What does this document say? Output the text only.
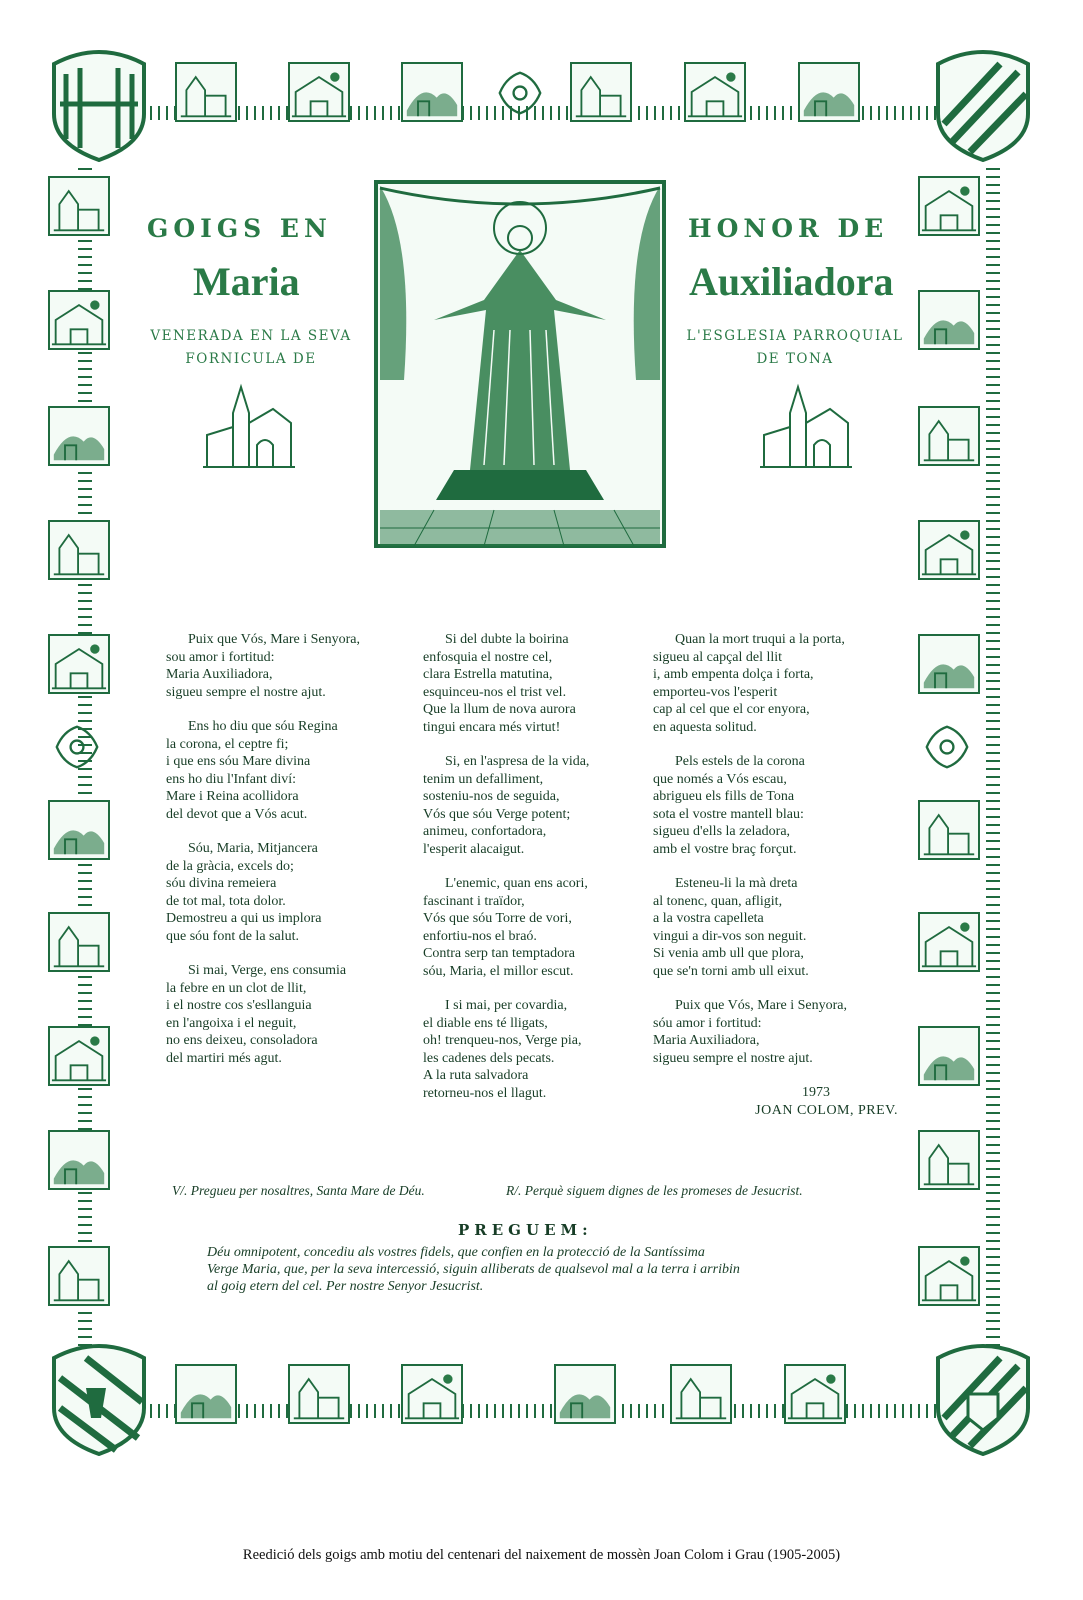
GOIGS EN
Maria
VENERADA EN LA SEVA
FORNICULA DE
HONOR DE
Auxiliadora
L'ESGLESIA PARROQUIAL
DE TONA
Puix que Vós, Mare i Senyora,
sou amor i fortitud:
Maria Auxiliadora,
sigueu sempre el nostre ajut.
Ens ho diu que sóu Regina
la corona, el ceptre fi;
i que ens sóu Mare divina
ens ho diu l'Infant diví:
Mare i Reina acollidora
del devot que a Vós acut.
Sóu, Maria, Mitjancera
de la gràcia, excels do;
sóu divina remeiera
de tot mal, tota dolor.
Demostreu a qui us implora
que sóu font de la salut.
Si mai, Verge, ens consumia
la febre en un clot de llit,
i el nostre cos s'esllanguia
en l'angoixa i el neguit,
no ens deixeu, consoladora
del martiri més agut.
Si del dubte la boirina
enfosquia el nostre cel,
clara Estrella matutina,
esquinceu-nos el trist vel.
Que la llum de nova aurora
tingui encara més virtut!
Si, en l'aspresa de la vida,
tenim un defalliment,
sosteniu-nos de seguida,
Vós que sóu Verge potent;
animeu, confortadora,
l'esperit alacaigut.
L'enemic, quan ens acori,
fascinant i traïdor,
Vós que sóu Torre de vori,
enfortiu-nos el braó.
Contra serp tan temptadora
sóu, Maria, el millor escut.
I si mai, per covardia,
el diable ens té lligats,
oh! trenqueu-nos, Verge pia,
les cadenes dels pecats.
A la ruta salvadora
retorneu-nos el llagut.
Quan la mort truqui a la porta,
sigueu al capçal del llit
i, amb empenta dolça i forta,
emporteu-vos l'esperit
cap al cel que el cor enyora,
en aquesta solitud.
Pels estels de la corona
que només a Vós escau,
abrigueu els fills de Tona
sota el vostre mantell blau:
sigueu d'ells la zeladora,
amb el vostre braç forçut.
Esteneu-li la mà dreta
al tonenc, quan, afligit,
a la vostra capelleta
vingui a dir-vos son neguit.
Si venia amb ull que plora,
que se'n torni amb ull eixut.
Puix que Vós, Mare i Senyora,
sóu amor i fortitud:
Maria Auxiliadora,
sigueu sempre el nostre ajut.
1973
JOAN COLOM, PREV.
V/. Pregueu per nosaltres, Santa Mare de Déu.	R/. Perquè siguem dignes de les promeses de Jesucrist.
PREGUEM:
Déu omnipotent, concediu als vostres fidels, que confien en la protecció de la Santíssima
Verge Maria, que, per la seva intercessió, siguin alliberats de qualsevol mal a la terra i arribin
al goig etern del cel. Per nostre Senyor Jesucrist.
Reedició dels goigs amb motiu del centenari del naixement de mossèn Joan Colom i Grau (1905-2005)
